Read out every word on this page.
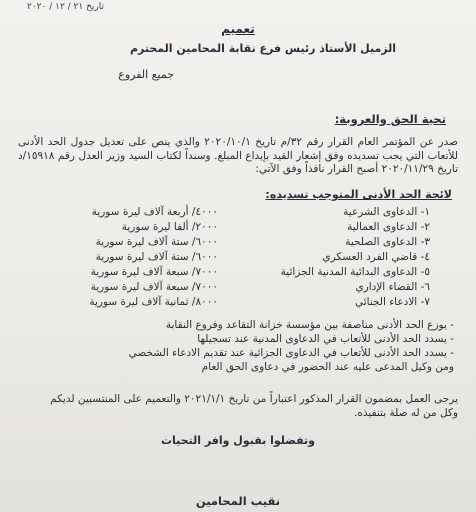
تاريخ ٢١ / ١٢ / ٢٠٢٠
تعميم
الزميل الأستاذ رئيس فرع نقابة المحامين المحترم
جميع الفروع
تحية الحق والعروبة:
صدر عن المؤتمر العام القرار رقم ٣٢/م تاريخ ٢٠٢٠/١٠/١ والذي ينص على تعديل جدول الحد الأدنى للأتعاب التي يجب تسديده وفق إشعار القيد بإيداع المبلغ. وسنداً لكتاب السيد وزير العدل رقم ١٥٩١٨/د تاريخ ٢٠٢٠/١١/٢٩ أصبح القرار نافذاً وفق الآتي:
لائحة الحد الأدنى المتوجب تسديده:
١- الدعاوى الشرعية
٤٠٠٠/ أربعة آلاف ليرة سورية
٢- الدعاوى العمالية
٢٠٠٠/ ألفا ليرة سورية
٣- الدعاوى الصلحية
٦٠٠٠/ ستة آلاف ليرة سورية
٤- قاضي الفرد العسكري
٦٠٠٠/ ستة آلاف ليرة سورية
٥- الدعاوى البدائية المدنية الجزائية
٧٠٠٠/ سبعة آلاف ليرة سورية
٦- القضاء الإداري
٧٠٠٠/ سبعة آلاف ليرة سورية
٧- الادعاء الجنائي
٨٠٠٠/ ثمانية آلاف ليرة سورية

- يوزع الحد الأدنى مناصفة بين مؤسسة خزانة التقاعد وفروع النقابة

- يسدد الحد الأدنى للأتعاب في الدعاوى المدنية عند تسجيلها

- يسدد الحد الأدنى للأتعاب في الدعاوى الجزائية عند تقديم الادعاء الشخصي

ومن وكيل المدعى عليه عند الحضور في دعاوى الحق العام

يرجى العمل بمضمون القرار المذكور اعتباراً من تاريخ ٢٠٢١/١/١ والتعميم على المنتسبين لديكم

وكل من له صلة بتنفيذه.

وتفضلوا بقبول وافر التحيات
نقيب المحامين
